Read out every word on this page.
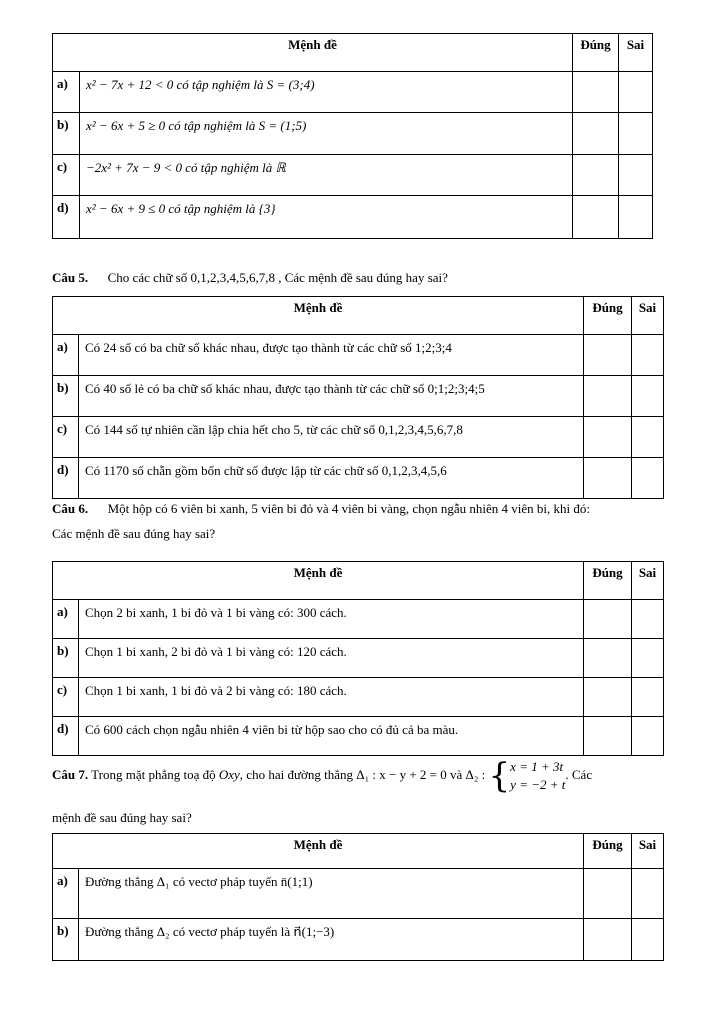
Mệnh đề		Đúng	Sai
a)	x² − 7x + 12 < 0 có tập nghiệm là S = (3;4)		
b)	x² − 6x + 5 ≥ 0 có tập nghiệm là S = (1;5)		
c)	−2x² + 7x − 9 < 0 có tập nghiệm là ℝ		
d)	x² − 6x + 9 ≤ 0 có tập nghiệm là {3}		
Câu 5. Cho các chữ số 0,1,2,3,4,5,6,7,8 , Các mệnh đề sau đúng hay sai?
Mệnh đề		Đúng	Sai
a)	Có 24 số có ba chữ số khác nhau, được tạo thành từ các chữ số 1;2;3;4		
b)	Có 40 số lẻ có ba chữ số khác nhau, được tạo thành từ các chữ số 0;1;2;3;4;5		
c)	Có 144 số tự nhiên cần lập chia hết cho 5, từ các chữ số 0,1,2,3,4,5,6,7,8		
d)	Có 1170 số chẵn gồm bốn chữ số được lập từ các chữ số 0,1,2,3,4,5,6		
Câu 6. Một hộp có 6 viên bi xanh, 5 viên bi đỏ và 4 viên bi vàng, chọn ngẫu nhiên 4 viên bi, khi đó:
Các mệnh đề sau đúng hay sai?
Mệnh đề		Đúng	Sai
a)	Chọn 2 bi xanh, 1 bi đỏ và 1 bi vàng có: 300 cách.		
b)	Chọn 1 bi xanh, 2 bi đỏ và 1 bi vàng có: 120 cách.		
c)	Chọn 1 bi xanh, 1 bi đỏ và 2 bi vàng có: 180 cách.		
d)	Có 600 cách chọn ngẫu nhiên 4 viên bi từ hộp sao cho có đủ cả ba màu.		
Câu 7. Trong mặt phẳng toạ độ Oxy, cho hai đường thẳng Δ₁ : x − y + 2 = 0 và Δ₂ : {x = 1 + 3t
y = −2 + t. Các
mệnh đề sau đúng hay sai?
Mệnh đề		Đúng	Sai
a)	Đường thẳng Δ₁ có vectơ pháp tuyến n̄(1;1)		
b)	Đường thẳng Δ₂ có vectơ pháp tuyến là n⃗(1;−3)		
